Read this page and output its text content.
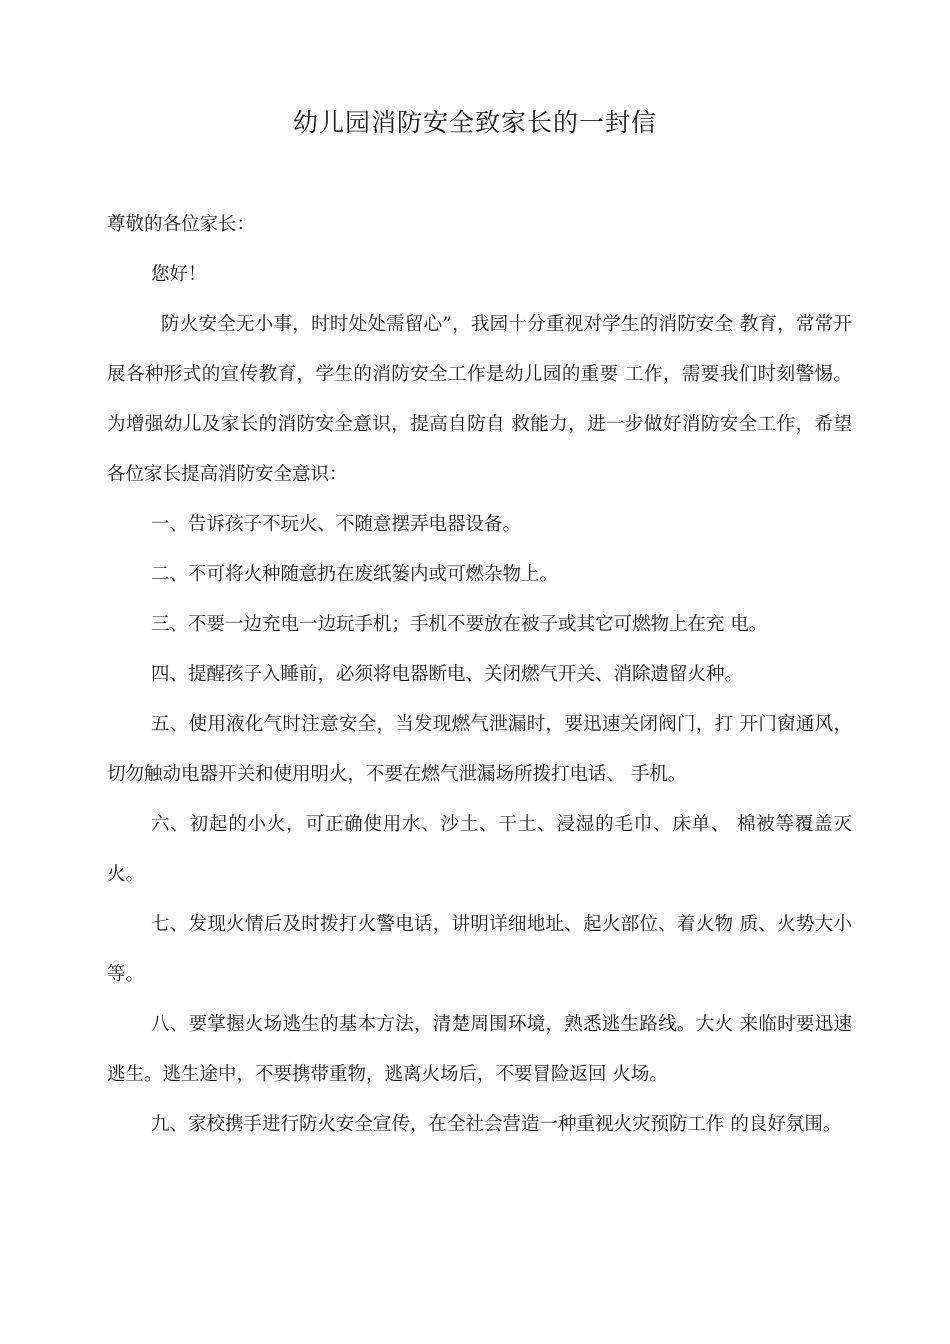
幼儿园消防安全致家长的一封信

尊敬的各位家长：

您好！

防火安全无小事，时时处处需留心”，我园十分重视对学生的消防安全 教育，常常开展各种形式的宣传教育，学生的消防安全工作是幼儿园的重要 工作，需要我们时刻警惕。为增强幼儿及家长的消防安全意识，提高自防自 救能力，进一步做好消防安全工作，希望各位家长提高消防安全意识：

一、告诉孩子不玩火、不随意摆弄电器设备。

二、不可将火种随意扔在废纸篓内或可燃杂物上。

三、不要一边充电一边玩手机；手机不要放在被子或其它可燃物上在充 电。

四、提醒孩子入睡前，必须将电器断电、关闭燃气开关、消除遗留火种。

五、使用液化气时注意安全，当发现燃气泄漏时，要迅速关闭阀门，打 开门窗通风，切勿触动电器开关和使用明火，不要在燃气泄漏场所拨打电话、 手机。

六、初起的小火，可正确使用水、沙土、干土、浸湿的毛巾、床单、 棉被等覆盖灭火。

七、发现火情后及时拨打火警电话，讲明详细地址、起火部位、着火物 质、火势大小等。

八、要掌握火场逃生的基本方法，清楚周围环境，熟悉逃生路线。大火 来临时要迅速逃生。逃生途中，不要携带重物，逃离火场后，不要冒险返回 火场。

九、家校携手进行防火安全宣传，在全社会营造一种重视火灾预防工作 的良好氛围。
